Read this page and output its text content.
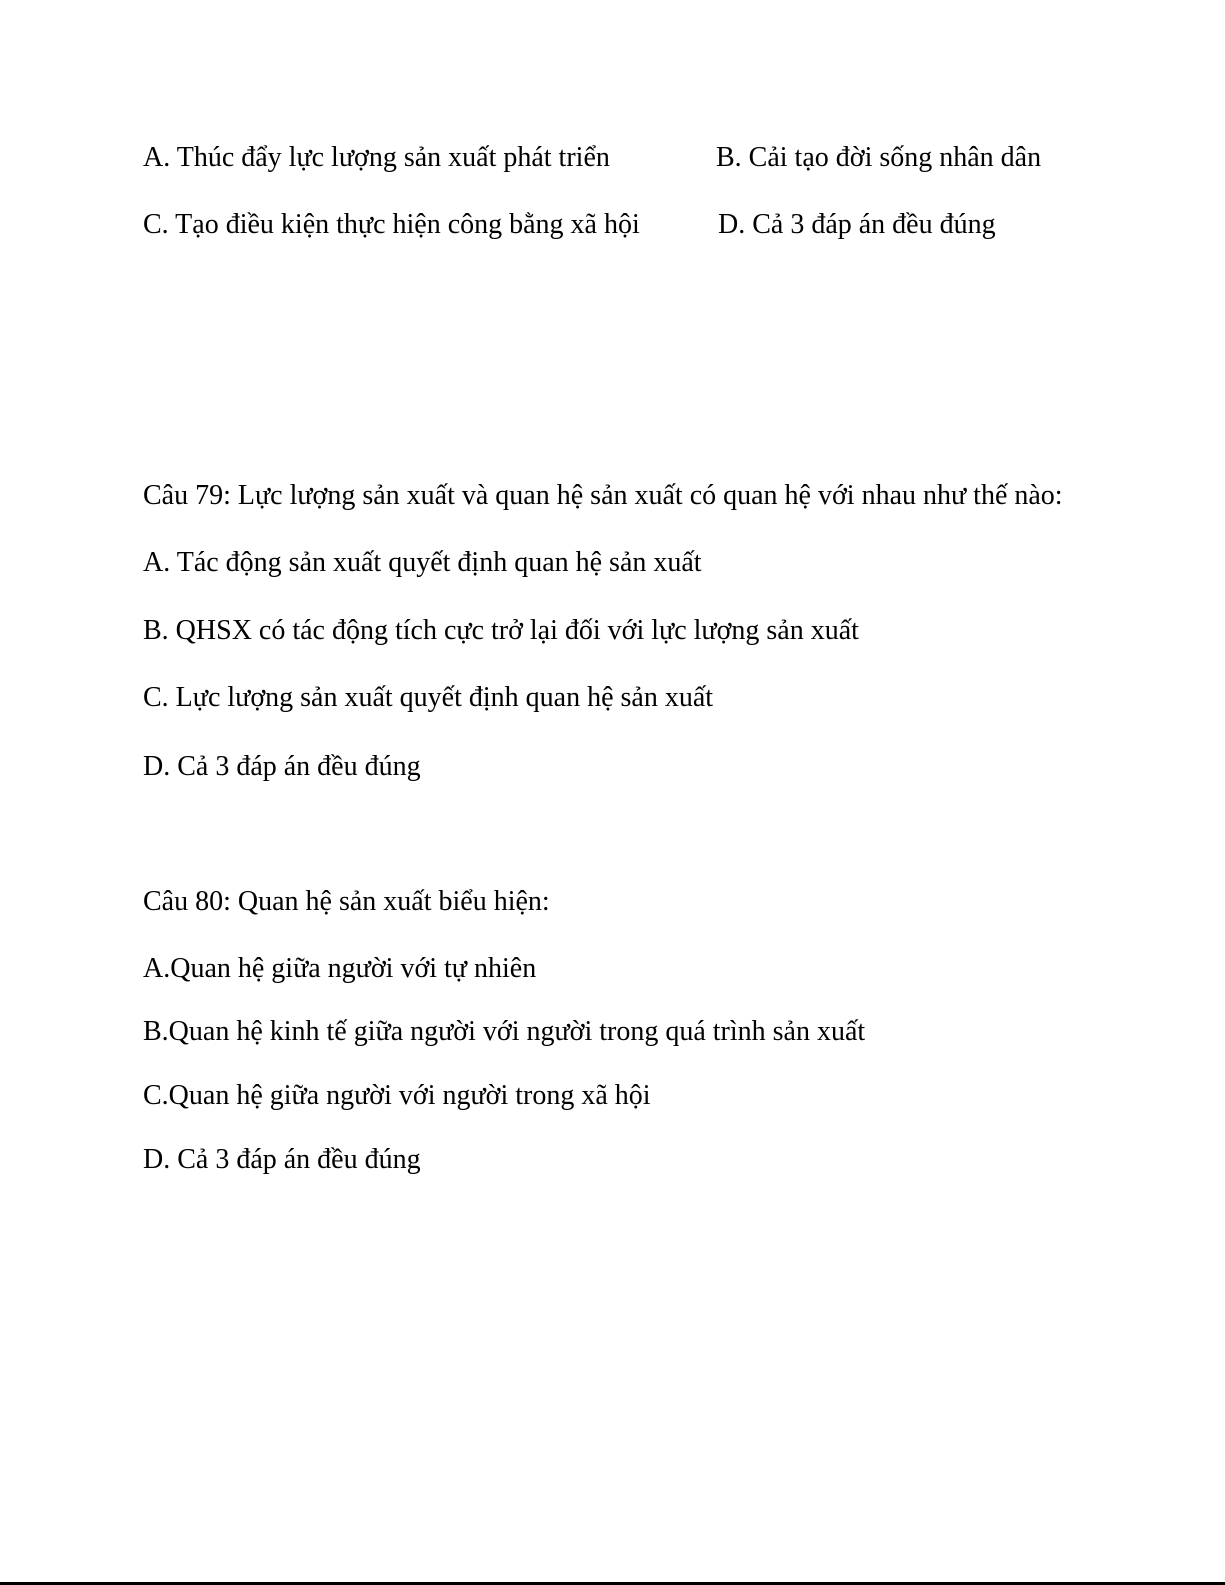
A. Thúc đẩy lực lượng sản xuất phát triển	B. Cải tạo đời sống nhân dân
C. Tạo điều kiện thực hiện công bằng xã hội	D. Cả 3 đáp án đều đúng
Câu 79: Lực lượng sản xuất và quan hệ sản xuất có quan hệ với nhau như thế nào:
A. Tác động sản xuất quyết định quan hệ sản xuất
B. QHSX có tác động tích cực trở lại đối với lực lượng sản xuất
C. Lực lượng sản xuất quyết định quan hệ sản xuất
D. Cả 3 đáp án đều đúng
Câu 80: Quan hệ sản xuất biểu hiện:
A.Quan hệ giữa người với tự nhiên
B.Quan hệ kinh tế giữa người với người trong quá trình sản xuất
C.Quan hệ giữa người với người trong xã hội
D. Cả 3 đáp án đều đúng
